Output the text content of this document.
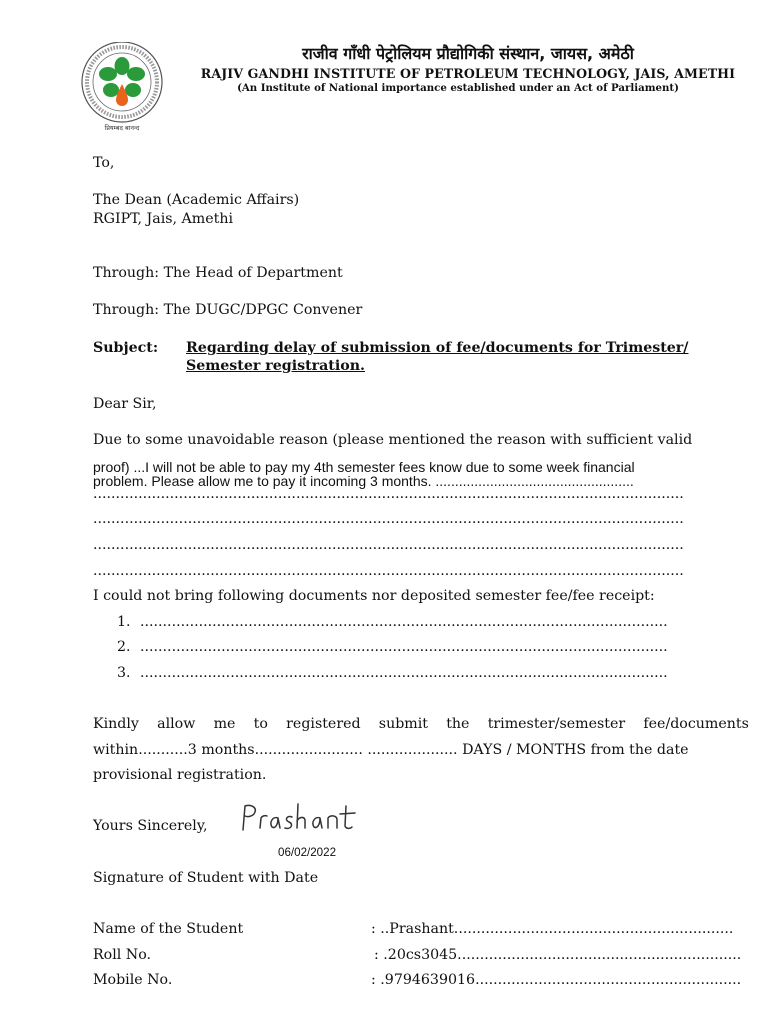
प्रियम्बद बानन्द
राजीव गाँधी पेट्रोलियम प्रौद्योगिकी संस्थान, जायस, अमेठी
RAJIV GANDHI INSTITUTE OF PETROLEUM TECHNOLOGY, JAIS, AMETHI
(An Institute of National importance established under an Act of Parliament)
To,
The Dean (Academic Affairs)
RGIPT, Jais, Amethi
Through: The Head of Department
Through: The DUGC/DPGC Convener
Subject: Regarding delay of submission of fee/documents for Trimester/
Semester registration.
Dear Sir,
Due to some unavoidable reason (please mentioned the reason with sufficient valid
proof) ...I will not be able to pay my 4th semester fees know due to some week financial
problem. Please allow me to pay it incoming 3 months. ...................................................
...................................................................................................................................
...................................................................................................................................
...................................................................................................................................
...................................................................................................................................
I could not bring following documents nor deposited semester fee/fee receipt:
1. .....................................................................................................................
2. .....................................................................................................................
3. .....................................................................................................................
Kindly allow me to registered submit the trimester/semester fee/documents
within...........3 months........................ .................... DAYS / MONTHS from the date
provisional registration.
Yours Sincerely,
06/02/2022
Signature of Student with Date
Name of the Student	: ..Prashant..............................................................
Roll No.	: .20cs3045...............................................................
Mobile No.	: .9794639016...........................................................
